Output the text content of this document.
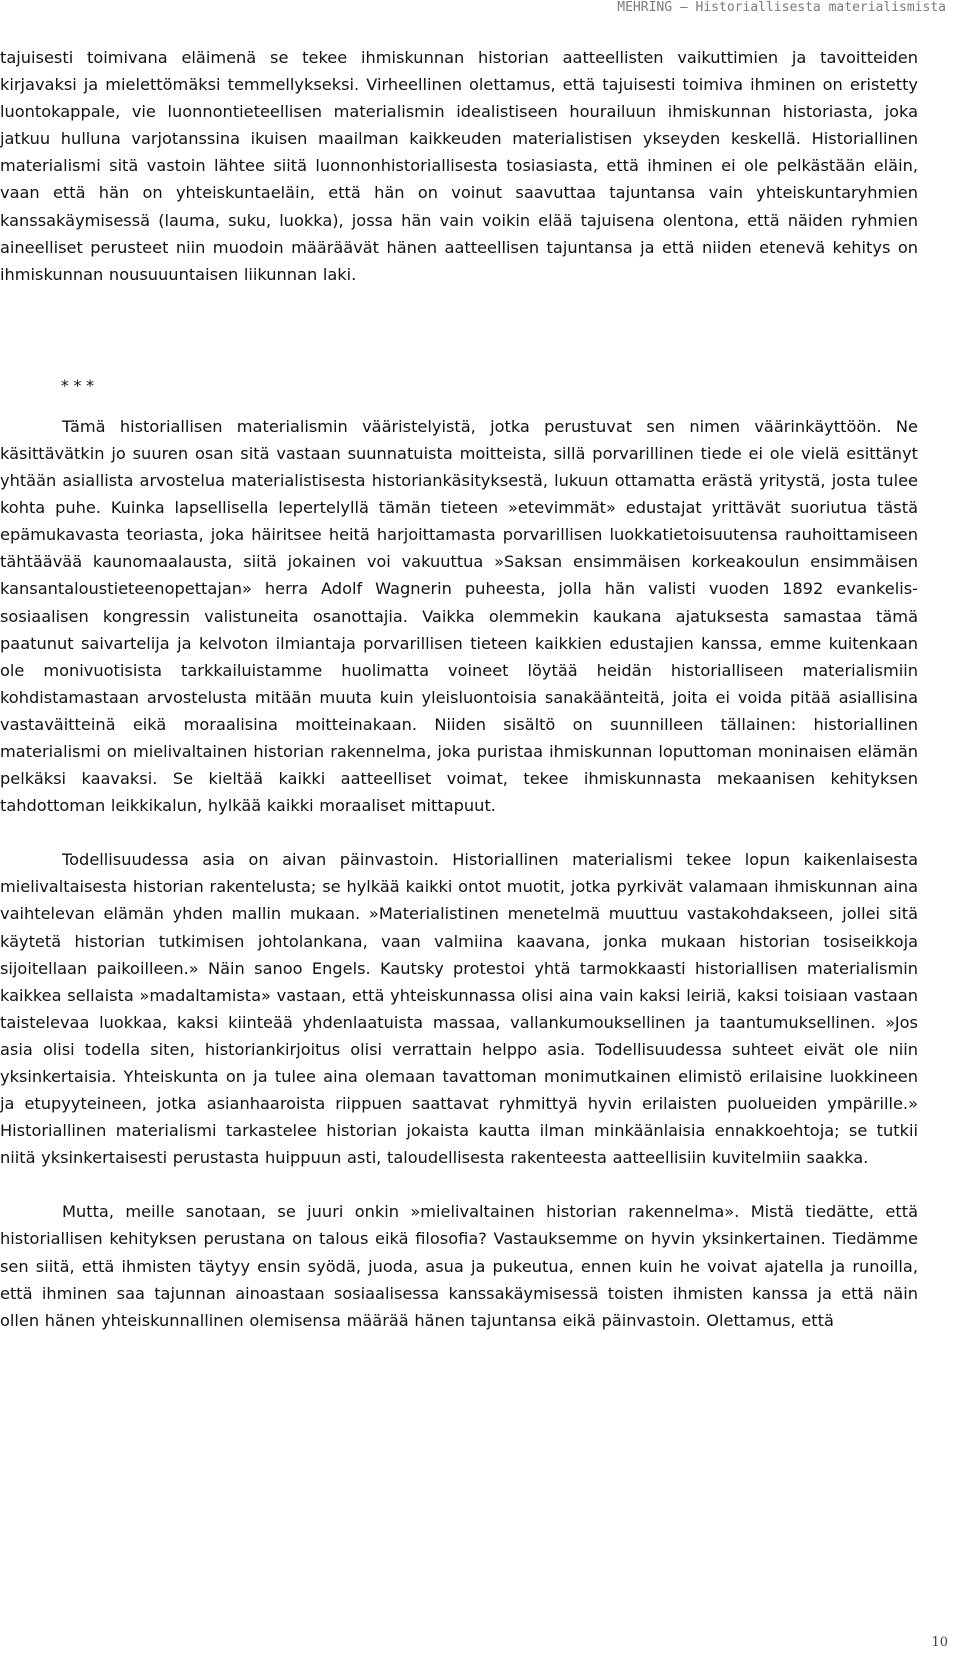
MEHRING – Historiallisesta materialismista

tajuisesti toimivana eläimenä se tekee ihmiskunnan historian aatteellisten vaikuttimien ja tavoitteiden kirjavaksi ja mielettömäksi temmellykseksi. Virheellinen olettamus, että tajuisesti toimiva ihminen on eristetty luontokappale, vie luonnontieteellisen materialismin idealistiseen hourailuun ihmiskunnan historiasta, joka jatkuu hulluna varjotanssina ikuisen maailman kaikkeuden materialistisen ykseyden keskellä. Historiallinen materialismi sitä vastoin lähtee siitä luonnonhistoriallisesta tosiasiasta, että ihminen ei ole pelkästään eläin, vaan että hän on yhteiskuntaeläin, että hän on voinut saavuttaa tajuntansa vain yhteiskuntaryhmien kanssakäymisessä (lauma, suku, luokka), jossa hän vain voikin elää tajuisena olentona, että näiden ryhmien aineelliset perusteet niin muodoin määräävät hänen aatteellisen tajuntansa ja että niiden etenevä kehitys on ihmiskunnan nousuuuntaisen liikunnan laki.

***

Tämä historiallisen materialismin vääristelyistä, jotka perustuvat sen nimen väärinkäyttöön. Ne käsittävätkin jo suuren osan sitä vastaan suunnatuista moitteista, sillä porvarillinen tiede ei ole vielä esittänyt yhtään asiallista arvostelua materialistisesta historiankäsityksestä, lukuun ottamatta erästä yritystä, josta tulee kohta puhe. Kuinka lapsellisella lepertelyllä tämän tieteen »etevimmät» edustajat yrittävät suoriutua tästä epämukavasta teoriasta, joka häiritsee heitä harjoittamasta porvarillisen luokkatietoisuutensa rauhoittamiseen tähtäävää kaunomaalausta, siitä jokainen voi vakuuttua »Saksan ensimmäisen korkeakoulun ensimmäisen kansantaloustieteenopettajan» herra Adolf Wagnerin puheesta, jolla hän valisti vuoden 1892 evankelis-sosiaalisen kongressin valistuneita osanottajia. Vaikka olemmekin kaukana ajatuksesta samastaa tämä paatunut saivartelija ja kelvoton ilmiantaja porvarillisen tieteen kaikkien edustajien kanssa, emme kuitenkaan ole monivuotisista tarkkailuistamme huolimatta voineet löytää heidän historialliseen materialismiin kohdistamastaan arvostelusta mitään muuta kuin yleisluontoisia sanakäänteitä, joita ei voida pitää asiallisina vastaväitteinä eikä moraalisina moitteinakaan. Niiden sisältö on suunnilleen tällainen: historiallinen materialismi on mielivaltainen historian rakennelma, joka puristaa ihmiskunnan loputtoman moninaisen elämän pelkäksi kaavaksi. Se kieltää kaikki aatteelliset voimat, tekee ihmiskunnasta mekaanisen kehityksen tahdottoman leikkikalun, hylkää kaikki moraaliset mittapuut.

Todellisuudessa asia on aivan päinvastoin. Historiallinen materialismi tekee lopun kaikenlaisesta mielivaltaisesta historian rakentelusta; se hylkää kaikki ontot muotit, jotka pyrkivät valamaan ihmiskunnan aina vaihtelevan elämän yhden mallin mukaan. »Materialistinen menetelmä muuttuu vastakohdakseen, jollei sitä käytetä historian tutkimisen johtolankana, vaan valmiina kaavana, jonka mukaan historian tosiseikkoja sijoitellaan paikoilleen.» Näin sanoo Engels. Kautsky protestoi yhtä tarmokkaasti historiallisen materialismin kaikkea sellaista »madaltamista» vastaan, että yhteiskunnassa olisi aina vain kaksi leiriä, kaksi toisiaan vastaan taistelevaa luokkaa, kaksi kiinteää yhdenlaatuista massaa, vallankumouksellinen ja taantumuksellinen. »Jos asia olisi todella siten, historiankirjoitus olisi verrattain helppo asia. Todellisuudessa suhteet eivät ole niin yksinkertaisia. Yhteiskunta on ja tulee aina olemaan tavattoman monimutkainen elimistö erilaisine luokkineen ja etupyyteineen, jotka asianhaaroista riippuen saattavat ryhmittyä hyvin erilaisten puolueiden ympärille.» Historiallinen materialismi tarkastelee historian jokaista kautta ilman minkäänlaisia ennakkoehtoja; se tutkii niitä yksinkertaisesti perustasta huippuun asti, taloudellisesta rakenteesta aatteellisiin kuvitelmiin saakka.

Mutta, meille sanotaan, se juuri onkin »mielivaltainen historian rakennelma». Mistä tiedätte, että historiallisen kehityksen perustana on talous eikä filosofia? Vastauksemme on hyvin yksinkertainen. Tiedämme sen siitä, että ihmisten täytyy ensin syödä, juoda, asua ja pukeutua, ennen kuin he voivat ajatella ja runoilla, että ihminen saa tajunnan ainoastaan sosiaalisessa kanssakäymisessä toisten ihmisten kanssa ja että näin ollen hänen yhteiskunnallinen olemisensa määrää hänen tajuntansa eikä päinvastoin. Olettamus, että

10
